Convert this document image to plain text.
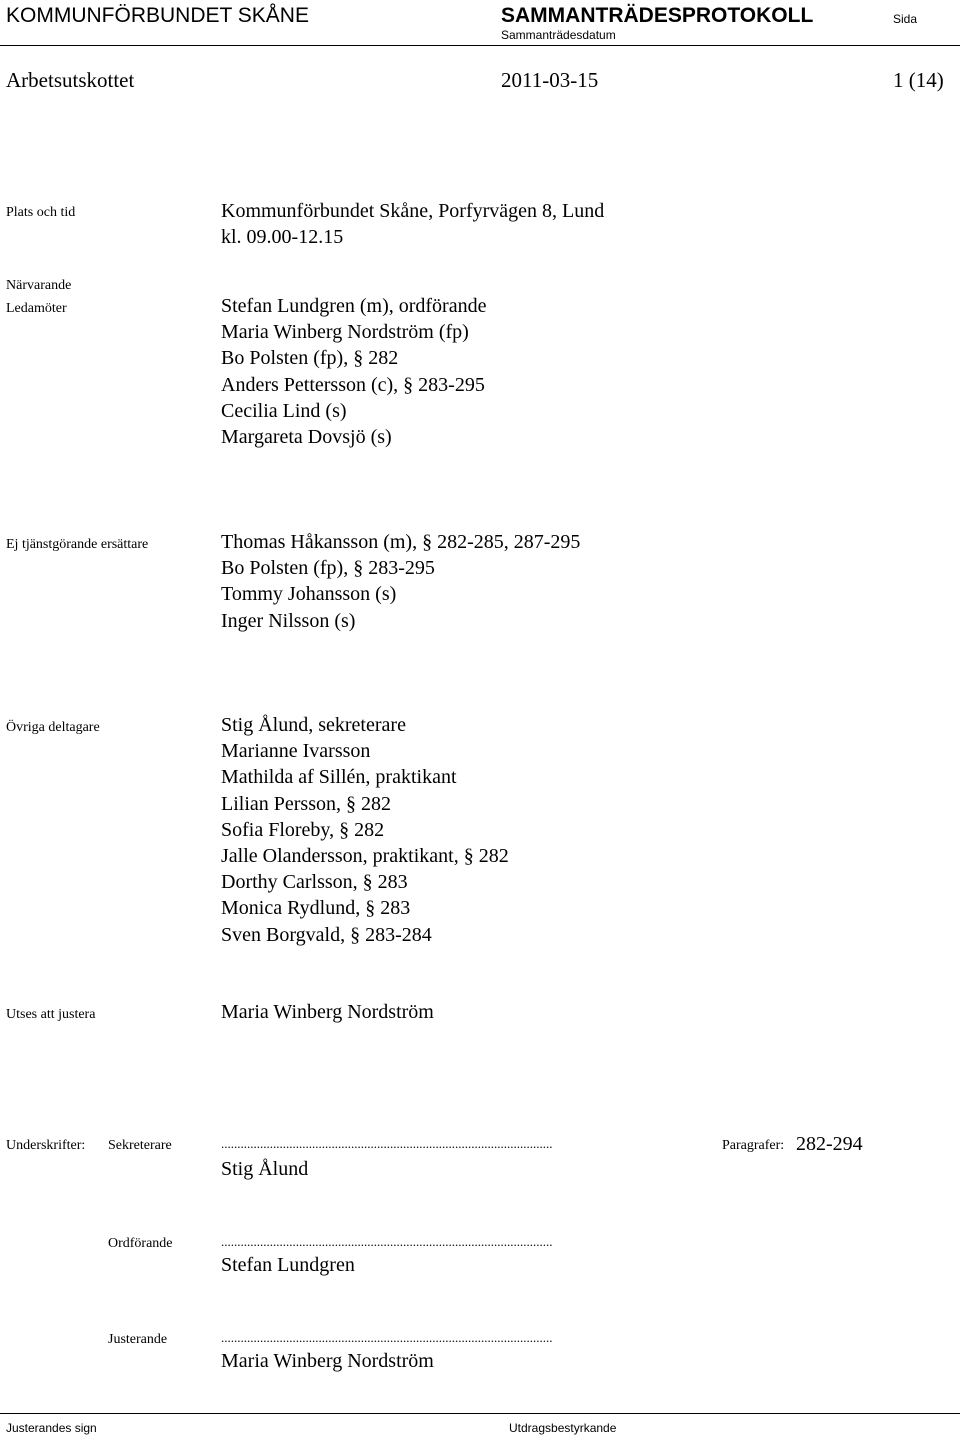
KOMMUNFÖRBUNDET SKÅNE	SAMMANTRÄDESPROTOKOLL	Sida
Sammanträdesdatum
Arbetsutskottet	2011-03-15	1 (14)
Plats och tid	Kommunförbundet Skåne, Porfyrvägen 8, Lund
kl. 09.00-12.15
Närvarande
Ledamöter	Stefan Lundgren (m), ordförande
Maria Winberg Nordström (fp)
Bo Polsten (fp), § 282
Anders Pettersson (c), § 283-295
Cecilia Lind (s)
Margareta Dovsjö (s)
Ej tjänstgörande ersättare	Thomas Håkansson (m), § 282-285, 287-295
Bo Polsten (fp), § 283-295
Tommy Johansson (s)
Inger Nilsson (s)
Övriga deltagare	Stig Ålund, sekreterare
Marianne Ivarsson
Mathilda af Sillén, praktikant
Lilian Persson, § 282
Sofia Floreby, § 282
Jalle Olandersson, praktikant, § 282
Dorthy Carlsson, § 283
Monica Rydlund, § 283
Sven Borgvald, § 283-284
Utses att justera	Maria Winberg Nordström
Underskrifter: Sekreterare	......................................................................................................
Stig Ålund
Paragrafer: 282-294
Ordförande	......................................................................................................
Stefan Lundgren
Justerande	......................................................................................................
Maria Winberg Nordström
Justerandes sign	Utdragsbestyrkande
